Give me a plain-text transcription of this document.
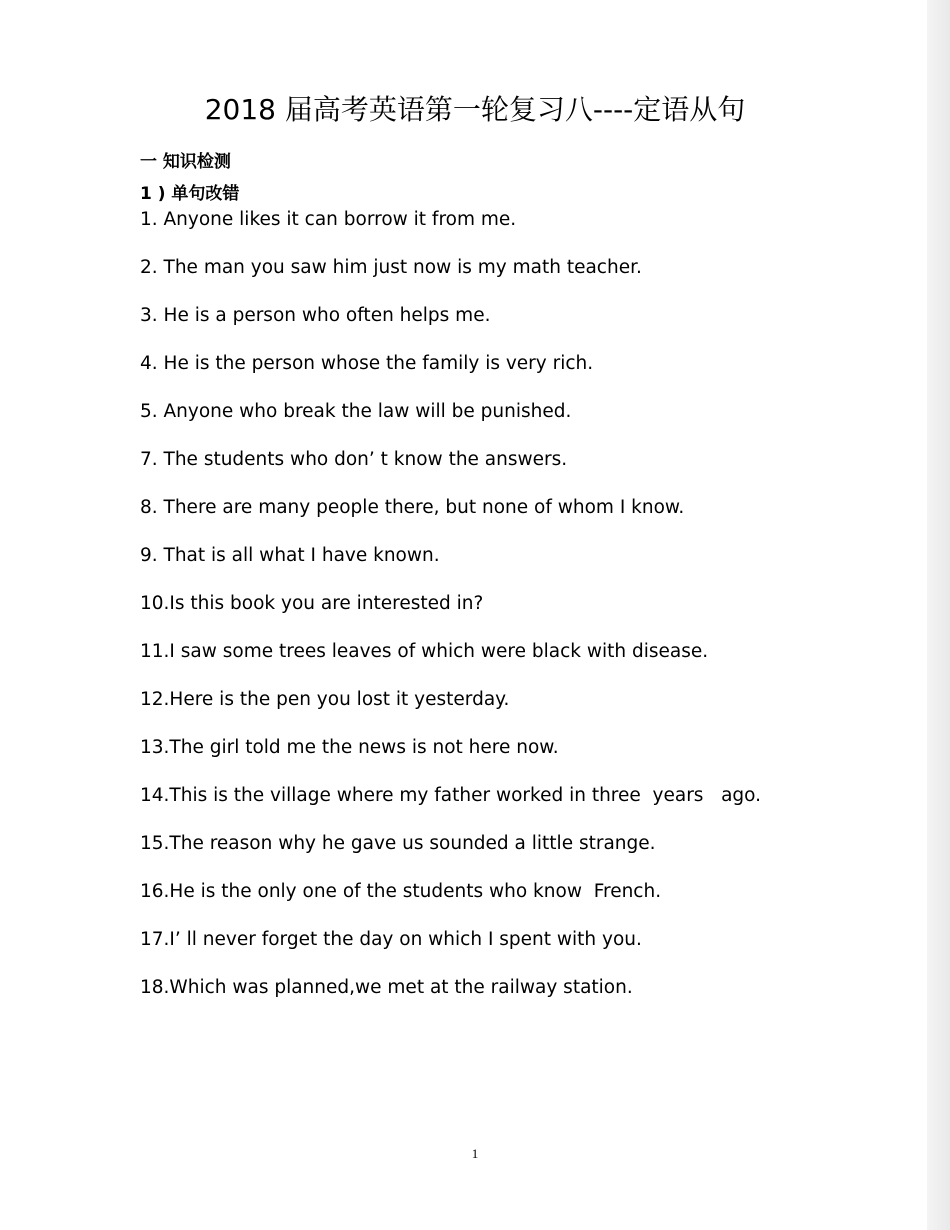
2018 届高考英语第一轮复习八----定语从句
一 知识检测
1 ) 单句改错
1. Anyone likes it can borrow it from me.
2. The man you saw him just now is my math teacher.
3. He is a person who often helps me.
4. He is the person whose the family is very rich.
5. Anyone who break the law will be punished.
7. The students who don’ t know the answers.
8. There are many people there, but none of whom I know.
9. That is all what I have known.
10.Is this book you are interested in?
11.I saw some trees leaves of which were black with disease.
12.Here is the pen you lost it yesterday.
13.The girl told me the news is not here now.
14.This is the village where my father worked in three  years   ago.
15.The reason why he gave us sounded a little strange.
16.He is the only one of the students who know  French.
17.I’ ll never forget the day on which I spent with you.
18.Which was planned,we met at the railway station.
1
